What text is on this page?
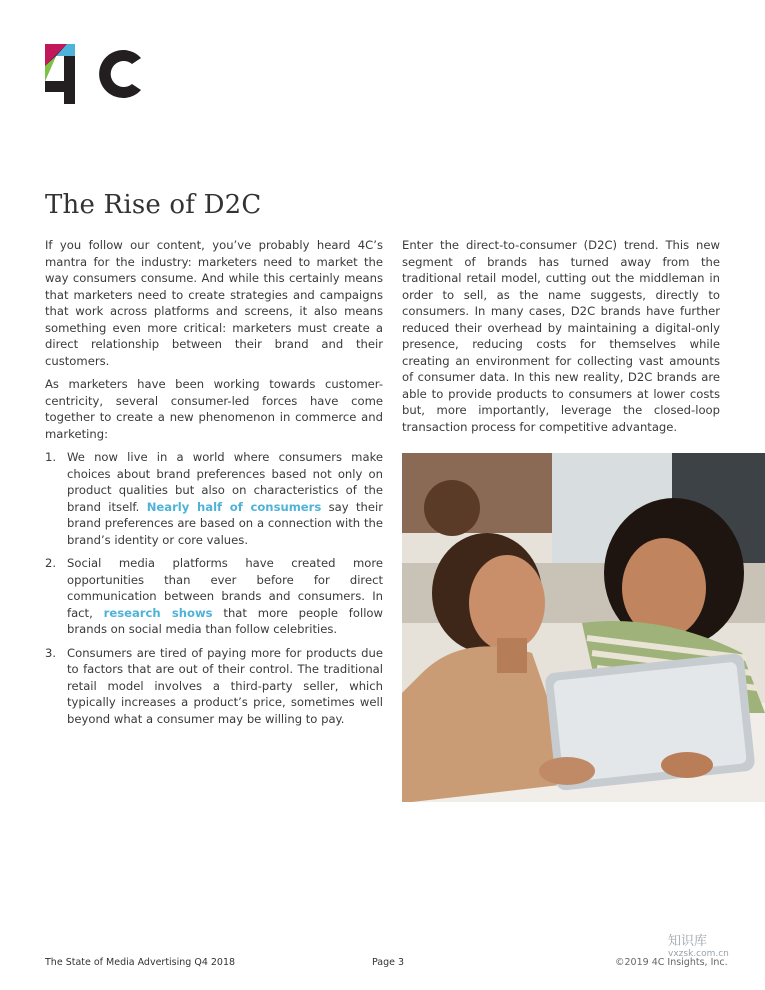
The Rise of D2C

If you follow our content, you’ve probably heard 4C’s mantra for the industry: marketers need to market the way consumers consume. And while this certainly means that marketers need to create strategies and campaigns that work across platforms and screens, it also means something even more critical: marketers must create a direct relationship between their brand and their customers.

As marketers have been working towards customer-centricity, several consumer-led forces have come together to create a new phenomenon in commerce and marketing:

1. We now live in a world where consumers make choices about brand preferences based not only on product qualities but also on characteristics of the brand itself. Nearly half of consumers say their brand preferences are based on a connection with the brand’s identity or core values.
2. Social media platforms have created more opportunities than ever before for direct communication between brands and consumers. In fact, research shows that more people follow brands on social media than follow celebrities.
3. Consumers are tired of paying more for products due to factors that are out of their control. The traditional retail model involves a third-party seller, which typically increases a product’s price, sometimes well beyond what a consumer may be willing to pay.

Enter the direct-to-consumer (D2C) trend. This new segment of brands has turned away from the traditional retail model, cutting out the middleman in order to sell, as the name suggests, directly to consumers. In many cases, D2C brands have further reduced their overhead by maintaining a digital-only presence, reducing costs for themselves while creating an environment for collecting vast amounts of consumer data. In this new reality, D2C brands are able to provide products to consumers at lower costs but, more importantly, leverage the closed-loop transaction process for competitive advantage.

The State of Media Advertising Q4 2018	Page 3	©2019 4C Insights, Inc.
知识库
vxzsk.com.cn
